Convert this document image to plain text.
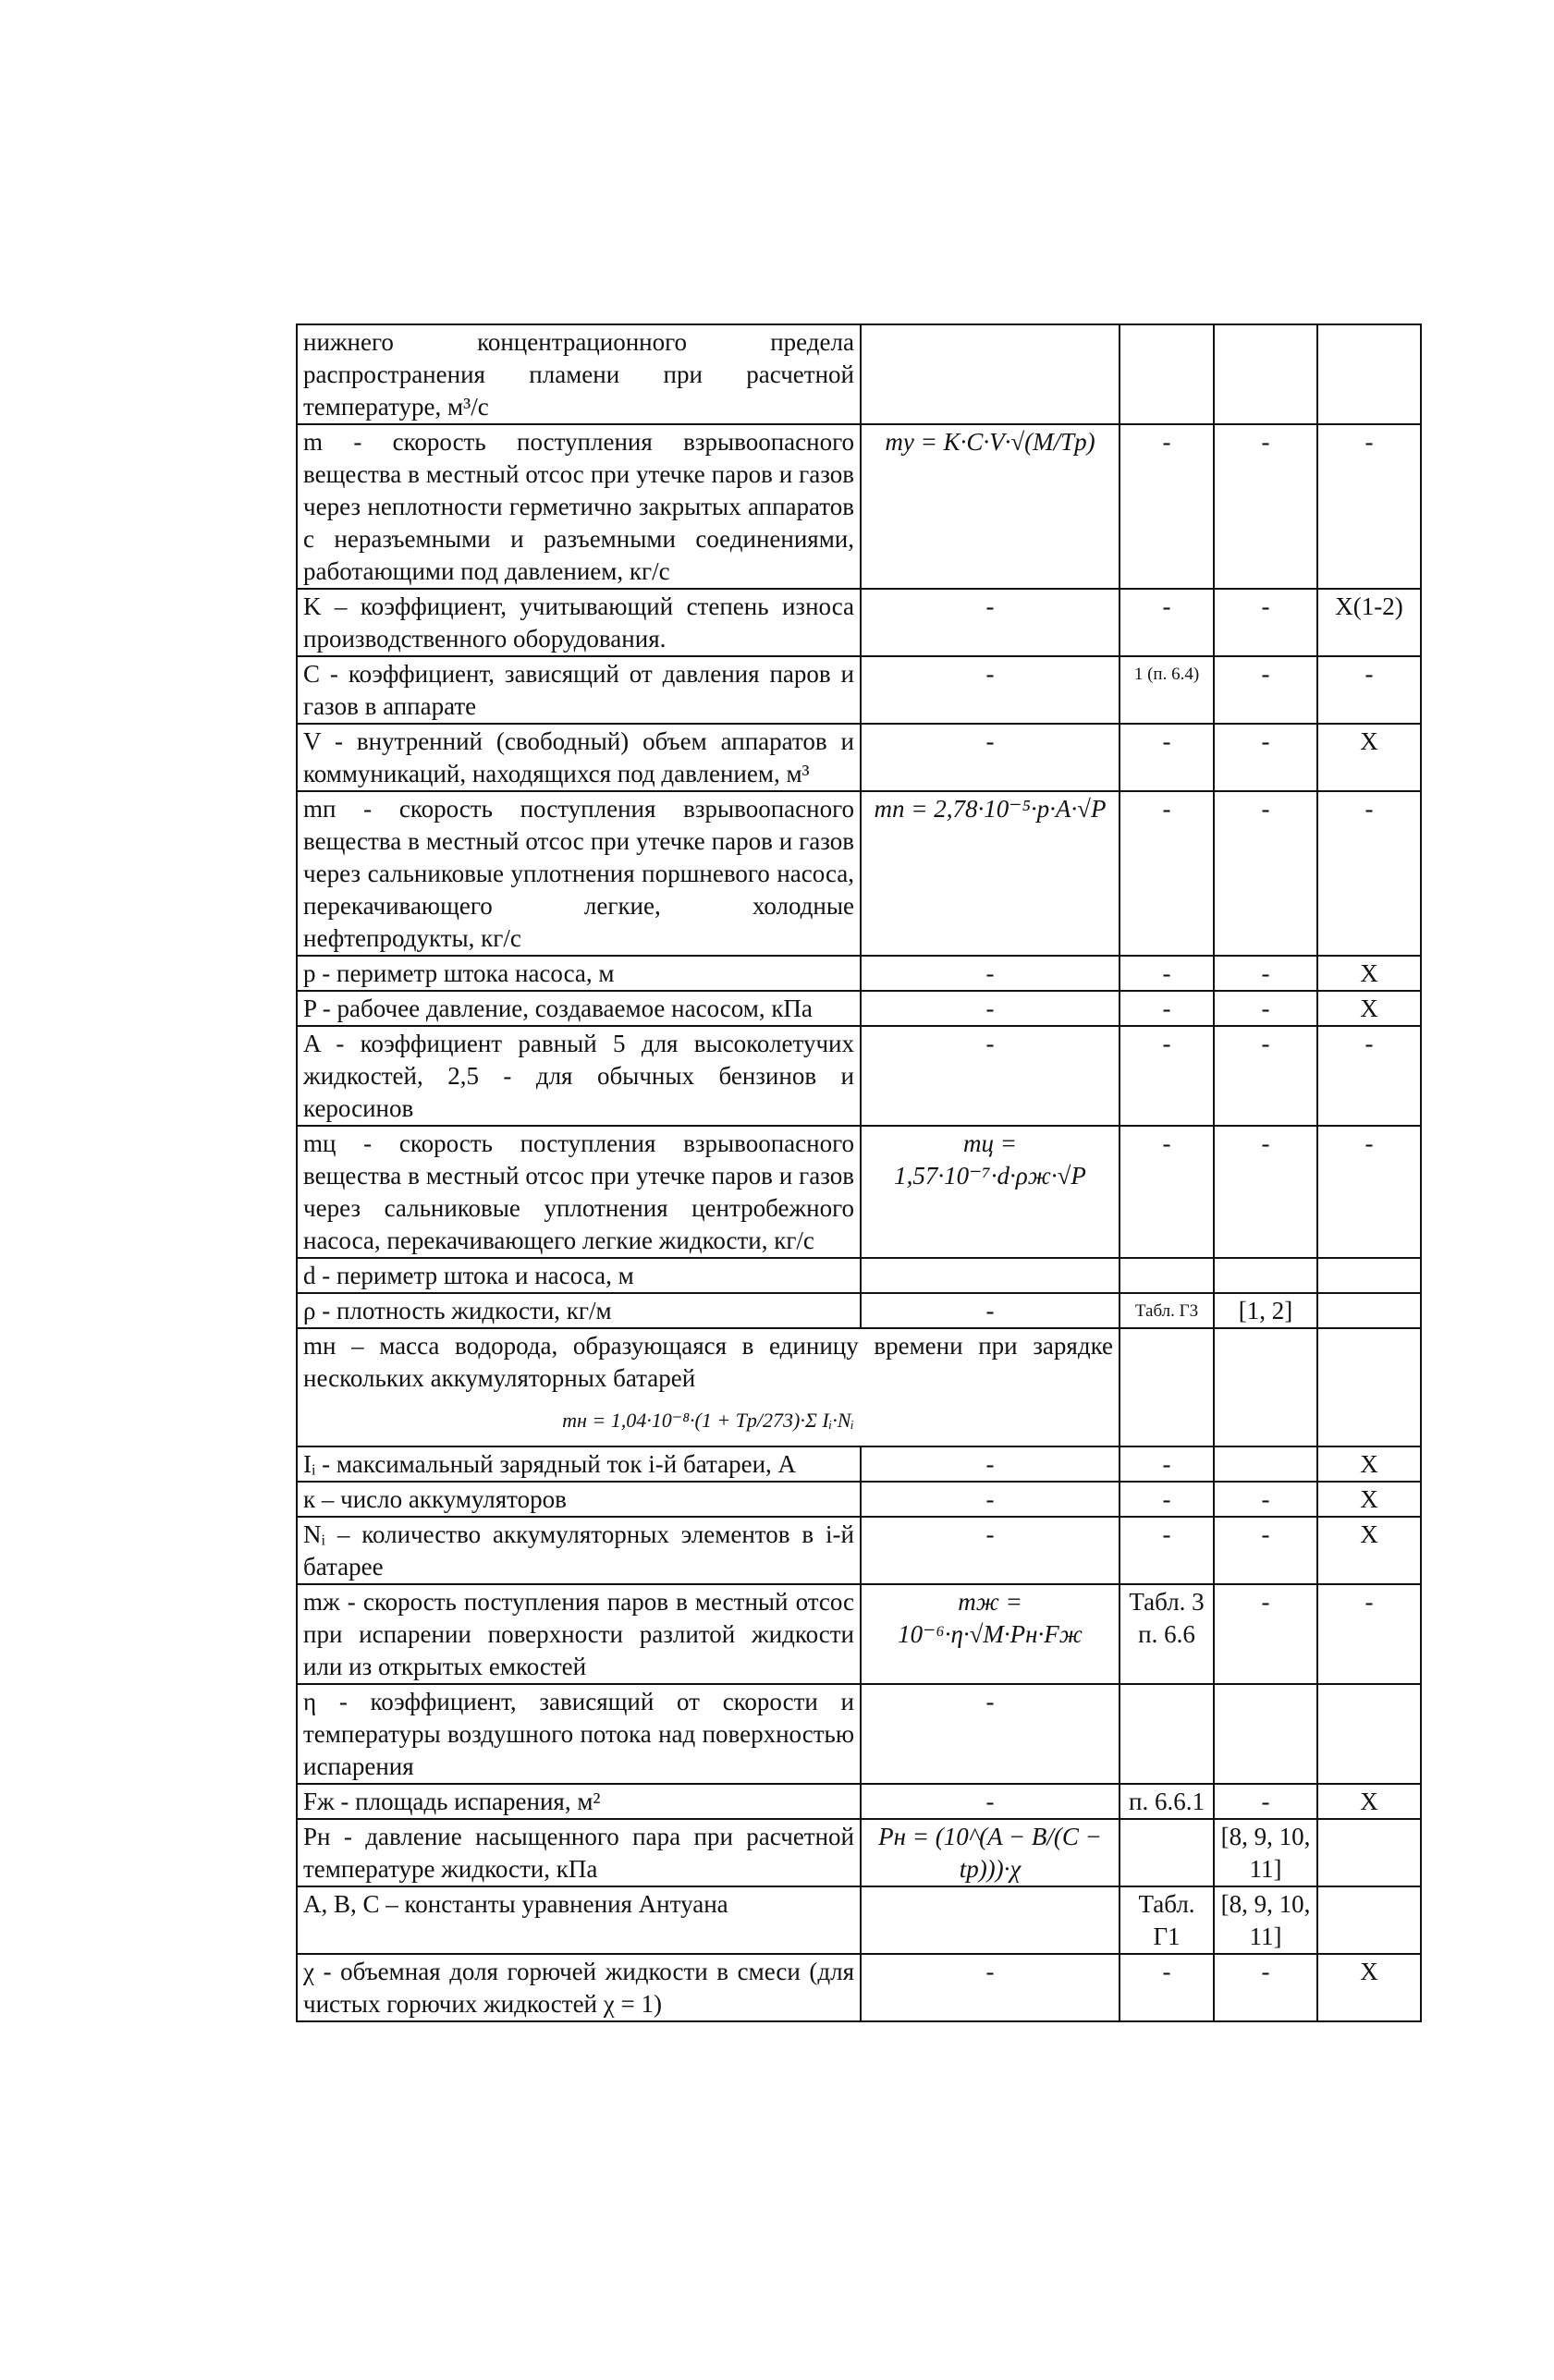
нижнего концентрационного предела распространения пламени при расчетной температуре, м³/с				
m - скорость поступления взрывоопасного вещества в местный отсос при утечке паров и газов через неплотности герметично закрытых аппаратов с неразъемными и разъемными соединениями, работающими под давлением, кг/с	mу = K·C·V·√(M/Tр)	-	-	-
K – коэффициент, учитывающий степень износа производственного оборудования.	-	-	-	X(1-2)
C - коэффициент, зависящий от давления паров и газов в аппарате	-	1 (п. 6.4)	-	-
V - внутренний (свободный) объем аппаратов и коммуникаций, находящихся под давлением, м³	-	-	-	X
mп - скорость поступления взрывоопасного вещества в местный отсос при утечке паров и газов через сальниковые уплотнения поршневого насоса, перекачивающего легкие, холодные нефтепродукты, кг/с	mп = 2,78·10⁻⁵·p·A·√P	-	-	-
p - периметр штока насоса, м	-	-	-	X
P - рабочее давление, создаваемое насосом, кПа	-	-	-	X
A - коэффициент равный 5 для высоколетучих жидкостей, 2,5 - для обычных бензинов и керосинов	-	-	-	-
mц - скорость поступления взрывоопасного вещества в местный отсос при утечке паров и газов через сальниковые уплотнения центробежного насоса, перекачивающего легкие жидкости, кг/с	mц = 1,57·10⁻⁷·d·ρж·√P	-	-	-
d - периметр штока и насоса, м				
ρ - плотность жидкости, кг/м	-	Табл. Г3	[1, 2]	

mн – масса водорода, образующаяся в единицу времени при зарядке нескольких аккумуляторных батарей
mн = 1,04·10⁻⁸·(1 + Tр/273)·Σ Iᵢ·Nᵢ				

Iᵢ - максимальный зарядный ток i-й батареи, А	-	-		X
к – число аккумуляторов	-	-	-	X
Nᵢ – количество аккумуляторных элементов в i-й батарее	-	-	-	X
mж - скорость поступления паров в местный отсос при испарении поверхности разлитой жидкости или из открытых емкостей	mж = 10⁻⁶·η·√M·Pн·Fж	Табл. 3 п. 6.6	-	-
η - коэффициент, зависящий от скорости и температуры воздушного потока над поверхностью испарения	-			
Fж - площадь испарения, м²	-	п. 6.6.1	-	X
Pн - давление насыщенного пара при расчетной температуре жидкости, кПа	Pн = (10^(A − B/(C − tр)))·χ		[8, 9, 10, 11]	
A, B, C – константы уравнения Антуана		Табл. Г1	[8, 9, 10, 11]	
χ - объемная доля горючей жидкости в смеси (для чистых горючих жидкостей χ = 1)	-	-	-	X
